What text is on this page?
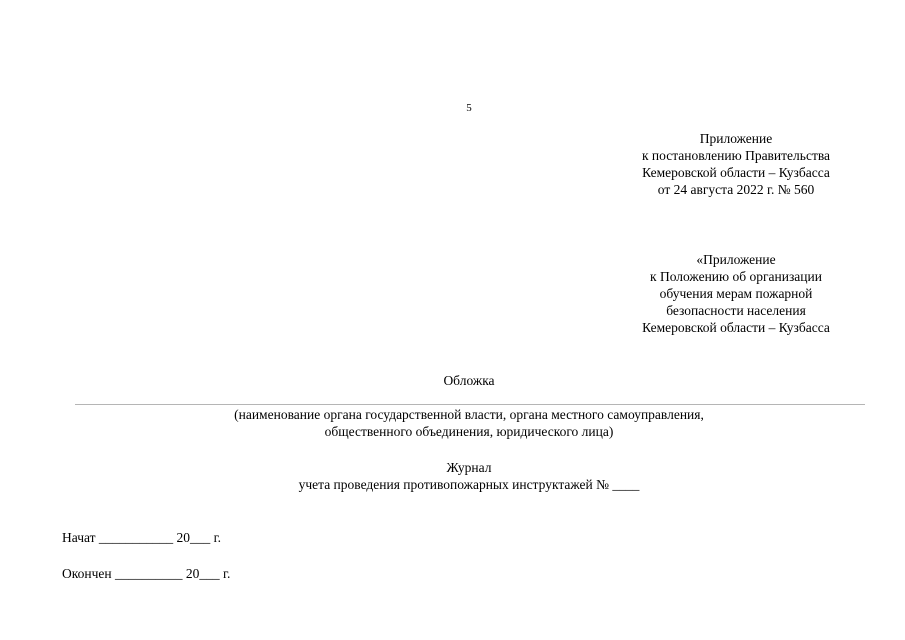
5
Приложение
к постановлению Правительства
Кемеровской области – Кузбасса
от 24 августа 2022 г. № 560
«Приложение
к Положению об организации
обучения мерам пожарной
безопасности населения
Кемеровской области – Кузбасса
Обложка
(наименование органа государственной власти, органа местного самоуправления,
общественного объединения, юридического лица)
Журнал
учета проведения противопожарных инструктажей № ____
Начат ___________ 20___ г.
Окончен __________ 20___ г.
